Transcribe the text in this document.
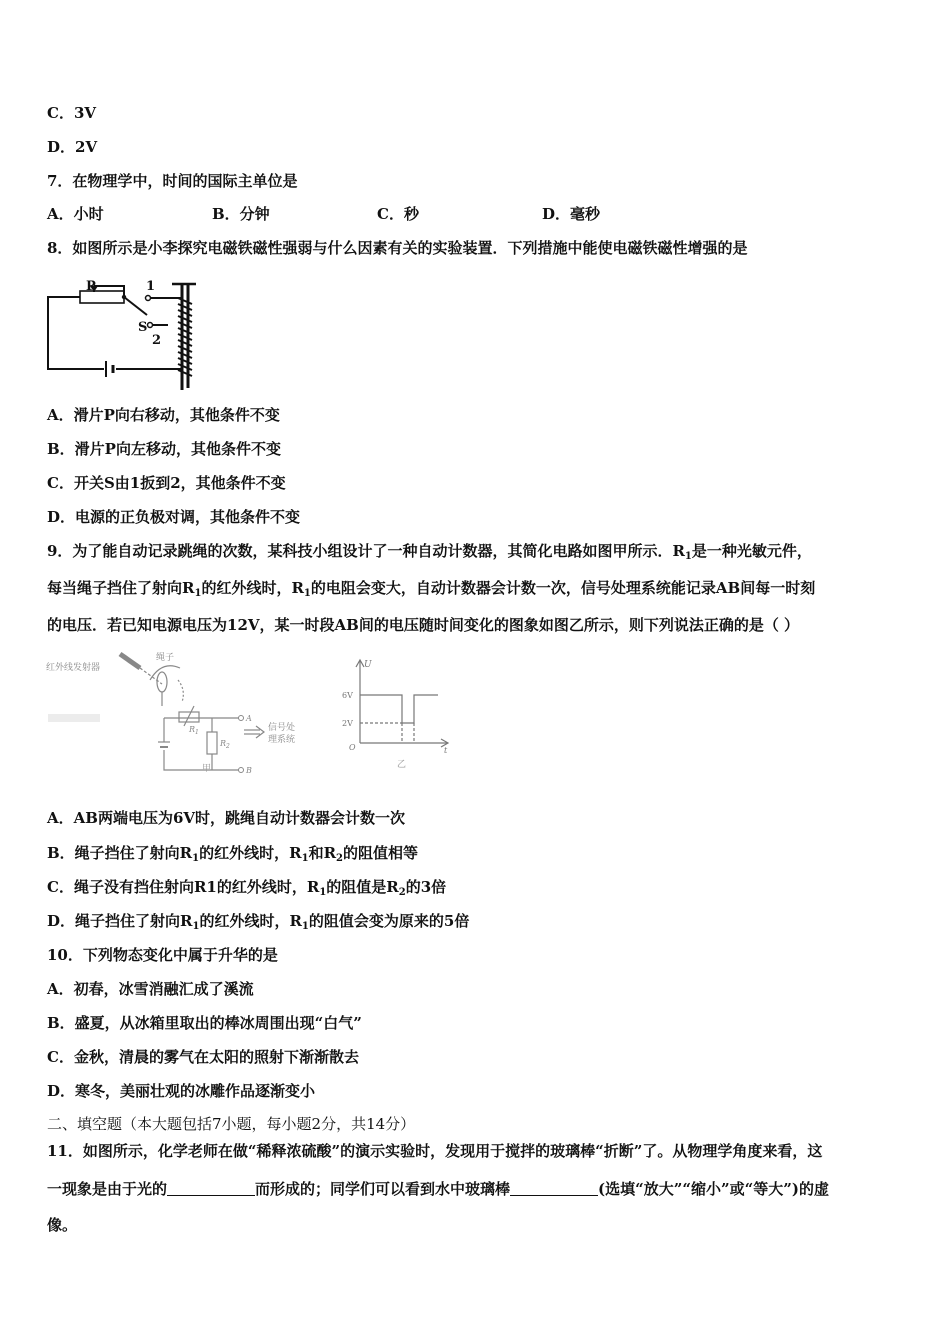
C．3V
D．2V
7．在物理学中，时间的国际主单位是
A．小时	B．分钟	C．秒	D．毫秒
8．如图所示是小李探究电磁铁磁性强弱与什么因素有关的实验装置．下列措施中能使电磁铁磁性增强的是
P	1
S
2
A．滑片P向右移动，其他条件不变
B．滑片P向左移动，其他条件不变
C．开关S由1扳到2，其他条件不变
D．电源的正负极对调，其他条件不变
9．为了能自动记录跳绳的次数，某科技小组设计了一种自动计数器，其简化电路如图甲所示．$R_1$是一种光敏元件，
每当绳子挡住了射向$R_1$的红外线时，$R_1$的电阻会变大，自动计数器会计数一次，信号处理系统能记录AB间每一时刻
的电压．若已知电源电压为12V，某一时段AB间的电压随时间变化的图象如图乙所示，则下列说法正确的是（ ）
红外线发射器
绳子
$R_1$
$R_2$
A
B
信号处
理系统
甲
U
6V
2V
O	t
乙
A．AB两端电压为6V时，跳绳自动计数器会计数一次
B．绳子挡住了射向$R_1$的红外线时，$R_1$和$R_2$的阻值相等
C．绳子没有挡住射向R1的红外线时，$R_1$的阻值是$R_2$的3倍
D．绳子挡住了射向$R_1$的红外线时，$R_1$的阻值会变为原来的5倍
10．下列物态变化中属于升华的是
A．初春，冰雪消融汇成了溪流
B．盛夏，从冰箱里取出的棒冰周围出现“白气”
C．金秋，清晨的雾气在太阳的照射下渐渐散去
D．寒冬，美丽壮观的冰雕作品逐渐变小
二、填空题（本大题包括7小题，每小题2分，共14分）
11．如图所示，化学老师在做“稀释浓硫酸”的演示实验时，发现用于搅拌的玻璃棒“折断”了。从物理学角度来看，这
一现象是由于光的	而形成的；同学们可以看到水中玻璃棒	(选填“放大”“缩小”或“等大”)的虚
像。
